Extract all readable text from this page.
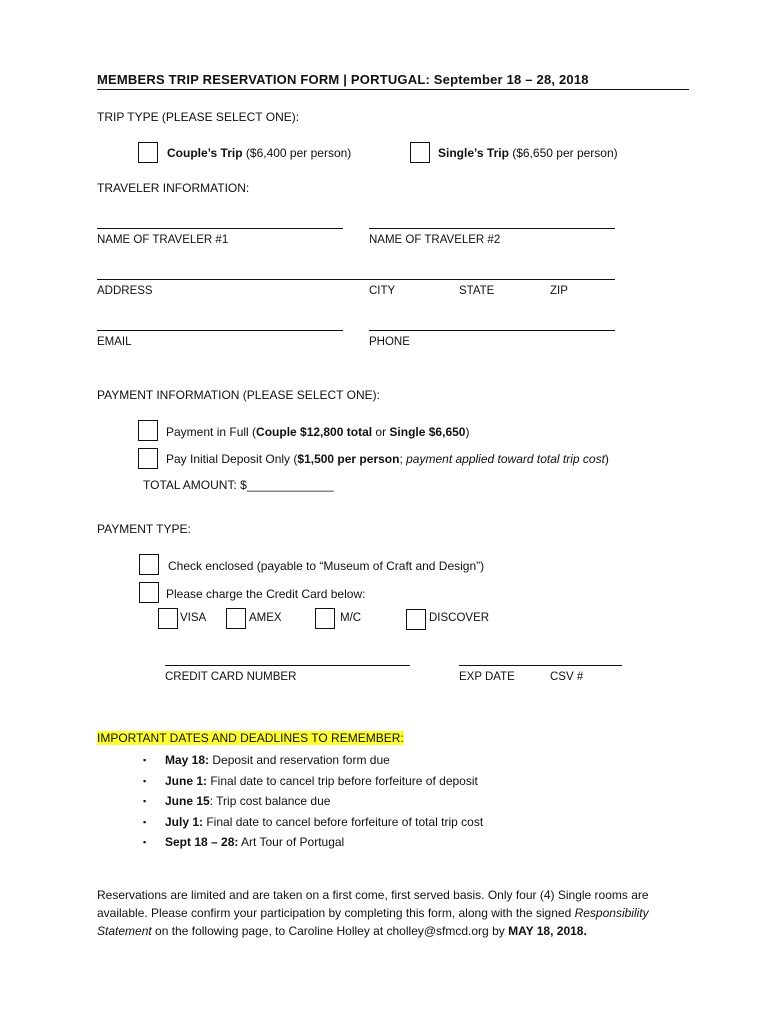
MEMBERS TRIP RESERVATION FORM | PORTUGAL: September 18 – 28, 2018
TRIP TYPE (PLEASE SELECT ONE):
Couple’s Trip ($6,400 per person)	Single’s Trip ($6,650 per person)
TRAVELER INFORMATION:
NAME OF TRAVELER #1	NAME OF TRAVELER #2
ADDRESS	CITY	STATE	ZIP
EMAIL	PHONE
PAYMENT INFORMATION (PLEASE SELECT ONE):
Payment in Full (Couple $12,800 total or Single $6,650)
Pay Initial Deposit Only ($1,500 per person; payment applied toward total trip cost)
TOTAL AMOUNT: $_____________
PAYMENT TYPE:
Check enclosed (payable to “Museum of Craft and Design”)
Please charge the Credit Card below:
VISA	AMEX	M/C	DISCOVER
CREDIT CARD NUMBER	EXP DATE	CSV #
IMPORTANT DATES AND DEADLINES TO REMEMBER:
▪ May 18: Deposit and reservation form due
▪ June 1: Final date to cancel trip before forfeiture of deposit
▪ June 15: Trip cost balance due
▪ July 1: Final date to cancel before forfeiture of total trip cost
▪ Sept 18 – 28: Art Tour of Portugal
Reservations are limited and are taken on a first come, first served basis. Only four (4) Single rooms are available. Please confirm your participation by completing this form, along with the signed Responsibility Statement on the following page, to Caroline Holley at cholley@sfmcd.org by MAY 18, 2018.
